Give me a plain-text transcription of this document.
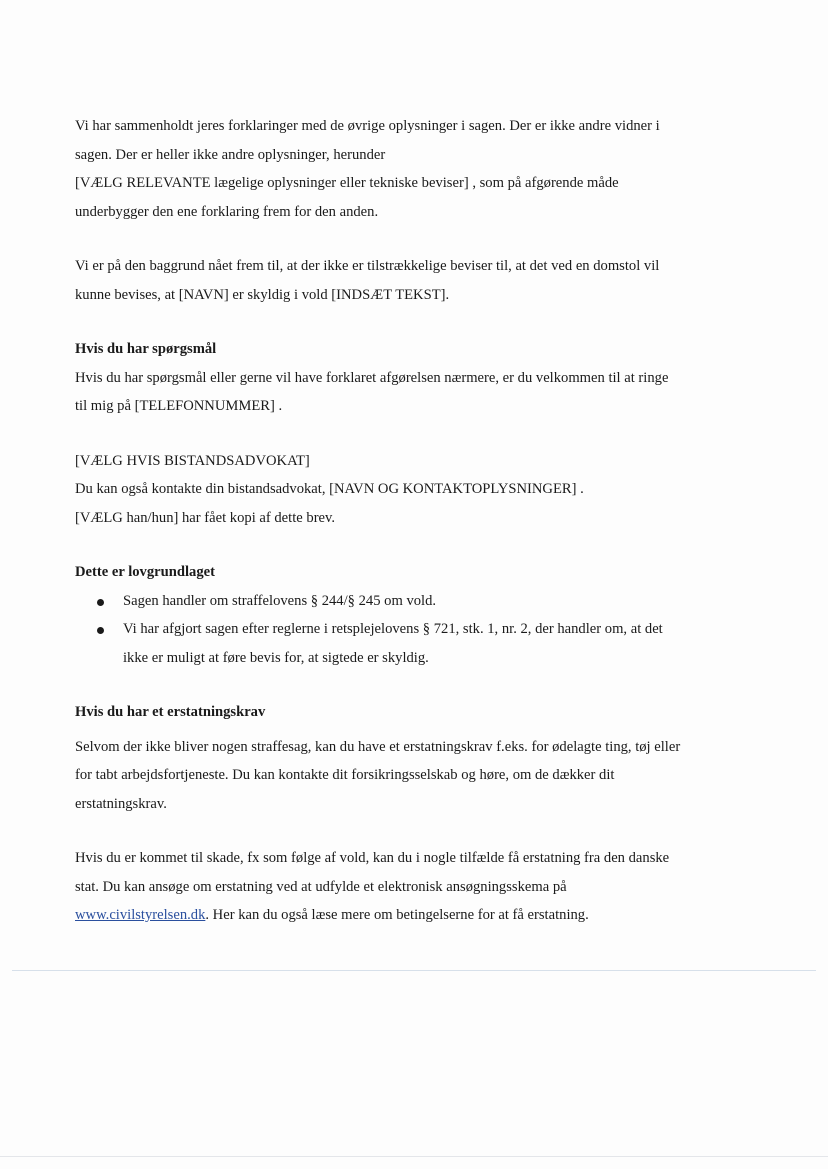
Vi har sammenholdt jeres forklaringer med de øvrige oplysninger i sagen. Der er ikke andre vidner i
sagen. Der er heller ikke andre oplysninger, herunder
[VÆLG RELEVANTE lægelige oplysninger eller tekniske beviser] , som på afgørende måde
underbygger den ene forklaring frem for den anden.

Vi er på den baggrund nået frem til, at der ikke er tilstrækkelige beviser til, at det ved en domstol vil
kunne bevises, at [NAVN] er skyldig i vold [INDSÆT TEKST].

Hvis du har spørgsmål

Hvis du har spørgsmål eller gerne vil have forklaret afgørelsen nærmere, er du velkommen til at ringe
til mig på [TELEFONNUMMER] .

[VÆLG HVIS BISTANDSADVOKAT]
Du kan også kontakte din bistandsadvokat, [NAVN OG KONTAKTOPLYSNINGER] .
[VÆLG han/hun] har fået kopi af dette brev.

Dette er lovgrundlaget

Sagen handler om straffelovens § 244/§ 245 om vold.
Vi har afgjort sagen efter reglerne i retsplejelovens § 721, stk. 1, nr. 2, der handler om, at det
ikke er muligt at føre bevis for, at sigtede er skyldig.

Hvis du har et erstatningskrav

Selvom der ikke bliver nogen straffesag, kan du have et erstatningskrav f.eks. for ødelagte ting, tøj eller
for tabt arbejdsfortjeneste. Du kan kontakte dit forsikringsselskab og høre, om de dækker dit
erstatningskrav.

Hvis du er kommet til skade, fx som følge af vold, kan du i nogle tilfælde få erstatning fra den danske
stat. Du kan ansøge om erstatning ved at udfylde et elektronisk ansøgningsskema på
www.civilstyrelsen.dk. Her kan du også læse mere om betingelserne for at få erstatning.
